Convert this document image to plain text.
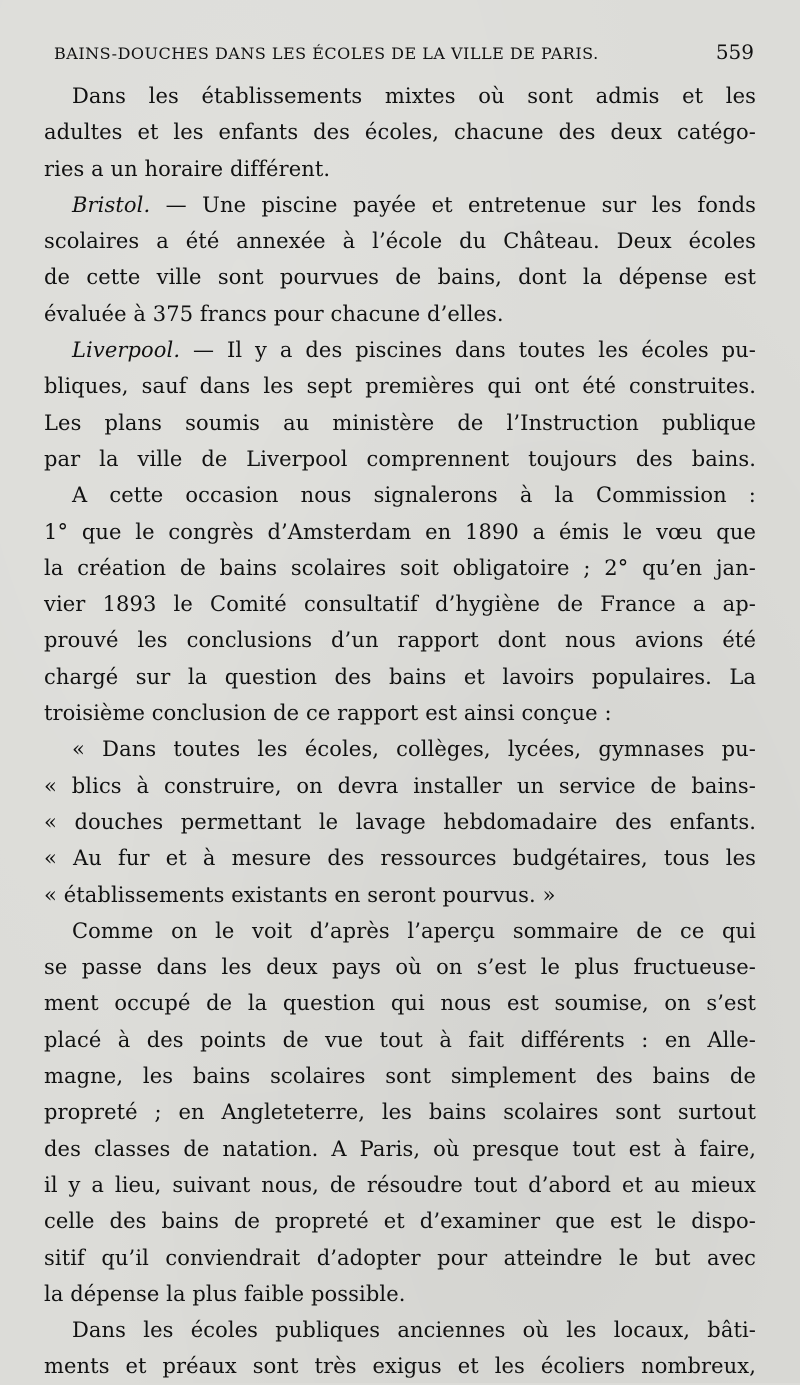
BAINS-DOUCHES DANS LES ÉCOLES DE LA VILLE DE PARIS.	559
Dans les établissements mixtes où sont admis et les
adultes et les enfants des écoles, chacune des deux catégo-
ries a un horaire différent.
Bristol. — Une piscine payée et entretenue sur les fonds
scolaires a été annexée à l’école du Château. Deux écoles
de cette ville sont pourvues de bains, dont la dépense est
évaluée à 375 francs pour chacune d’elles.
Liverpool. — Il y a des piscines dans toutes les écoles pu-
bliques, sauf dans les sept premières qui ont été construites.
Les plans soumis au ministère de l’Instruction publique
par la ville de Liverpool comprennent toujours des bains.
A cette occasion nous signalerons à la Commission :
1° que le congrès d’Amsterdam en 1890 a émis le vœu que
la création de bains scolaires soit obligatoire ; 2° qu’en jan-
vier 1893 le Comité consultatif d’hygiène de France a ap-
prouvé les conclusions d’un rapport dont nous avions été
chargé sur la question des bains et lavoirs populaires. La
troisième conclusion de ce rapport est ainsi conçue :
« Dans toutes les écoles, collèges, lycées, gymnases pu-
« blics à construire, on devra installer un service de bains-
« douches permettant le lavage hebdomadaire des enfants.
« Au fur et à mesure des ressources budgétaires, tous les
« établissements existants en seront pourvus. »
Comme on le voit d’après l’aperçu sommaire de ce qui
se passe dans les deux pays où on s’est le plus fructueuse-
ment occupé de la question qui nous est soumise, on s’est
placé à des points de vue tout à fait différents : en Alle-
magne, les bains scolaires sont simplement des bains de
propreté ; en Angleteterre, les bains scolaires sont surtout
des classes de natation. A Paris, où presque tout est à faire,
il y a lieu, suivant nous, de résoudre tout d’abord et au mieux
celle des bains de propreté et d’examiner que est le dispo-
sitif qu’il conviendrait d’adopter pour atteindre le but avec
la dépense la plus faible possible.
Dans les écoles publiques anciennes où les locaux, bâti-
ments et préaux sont très exigus et les écoliers nombreux,
